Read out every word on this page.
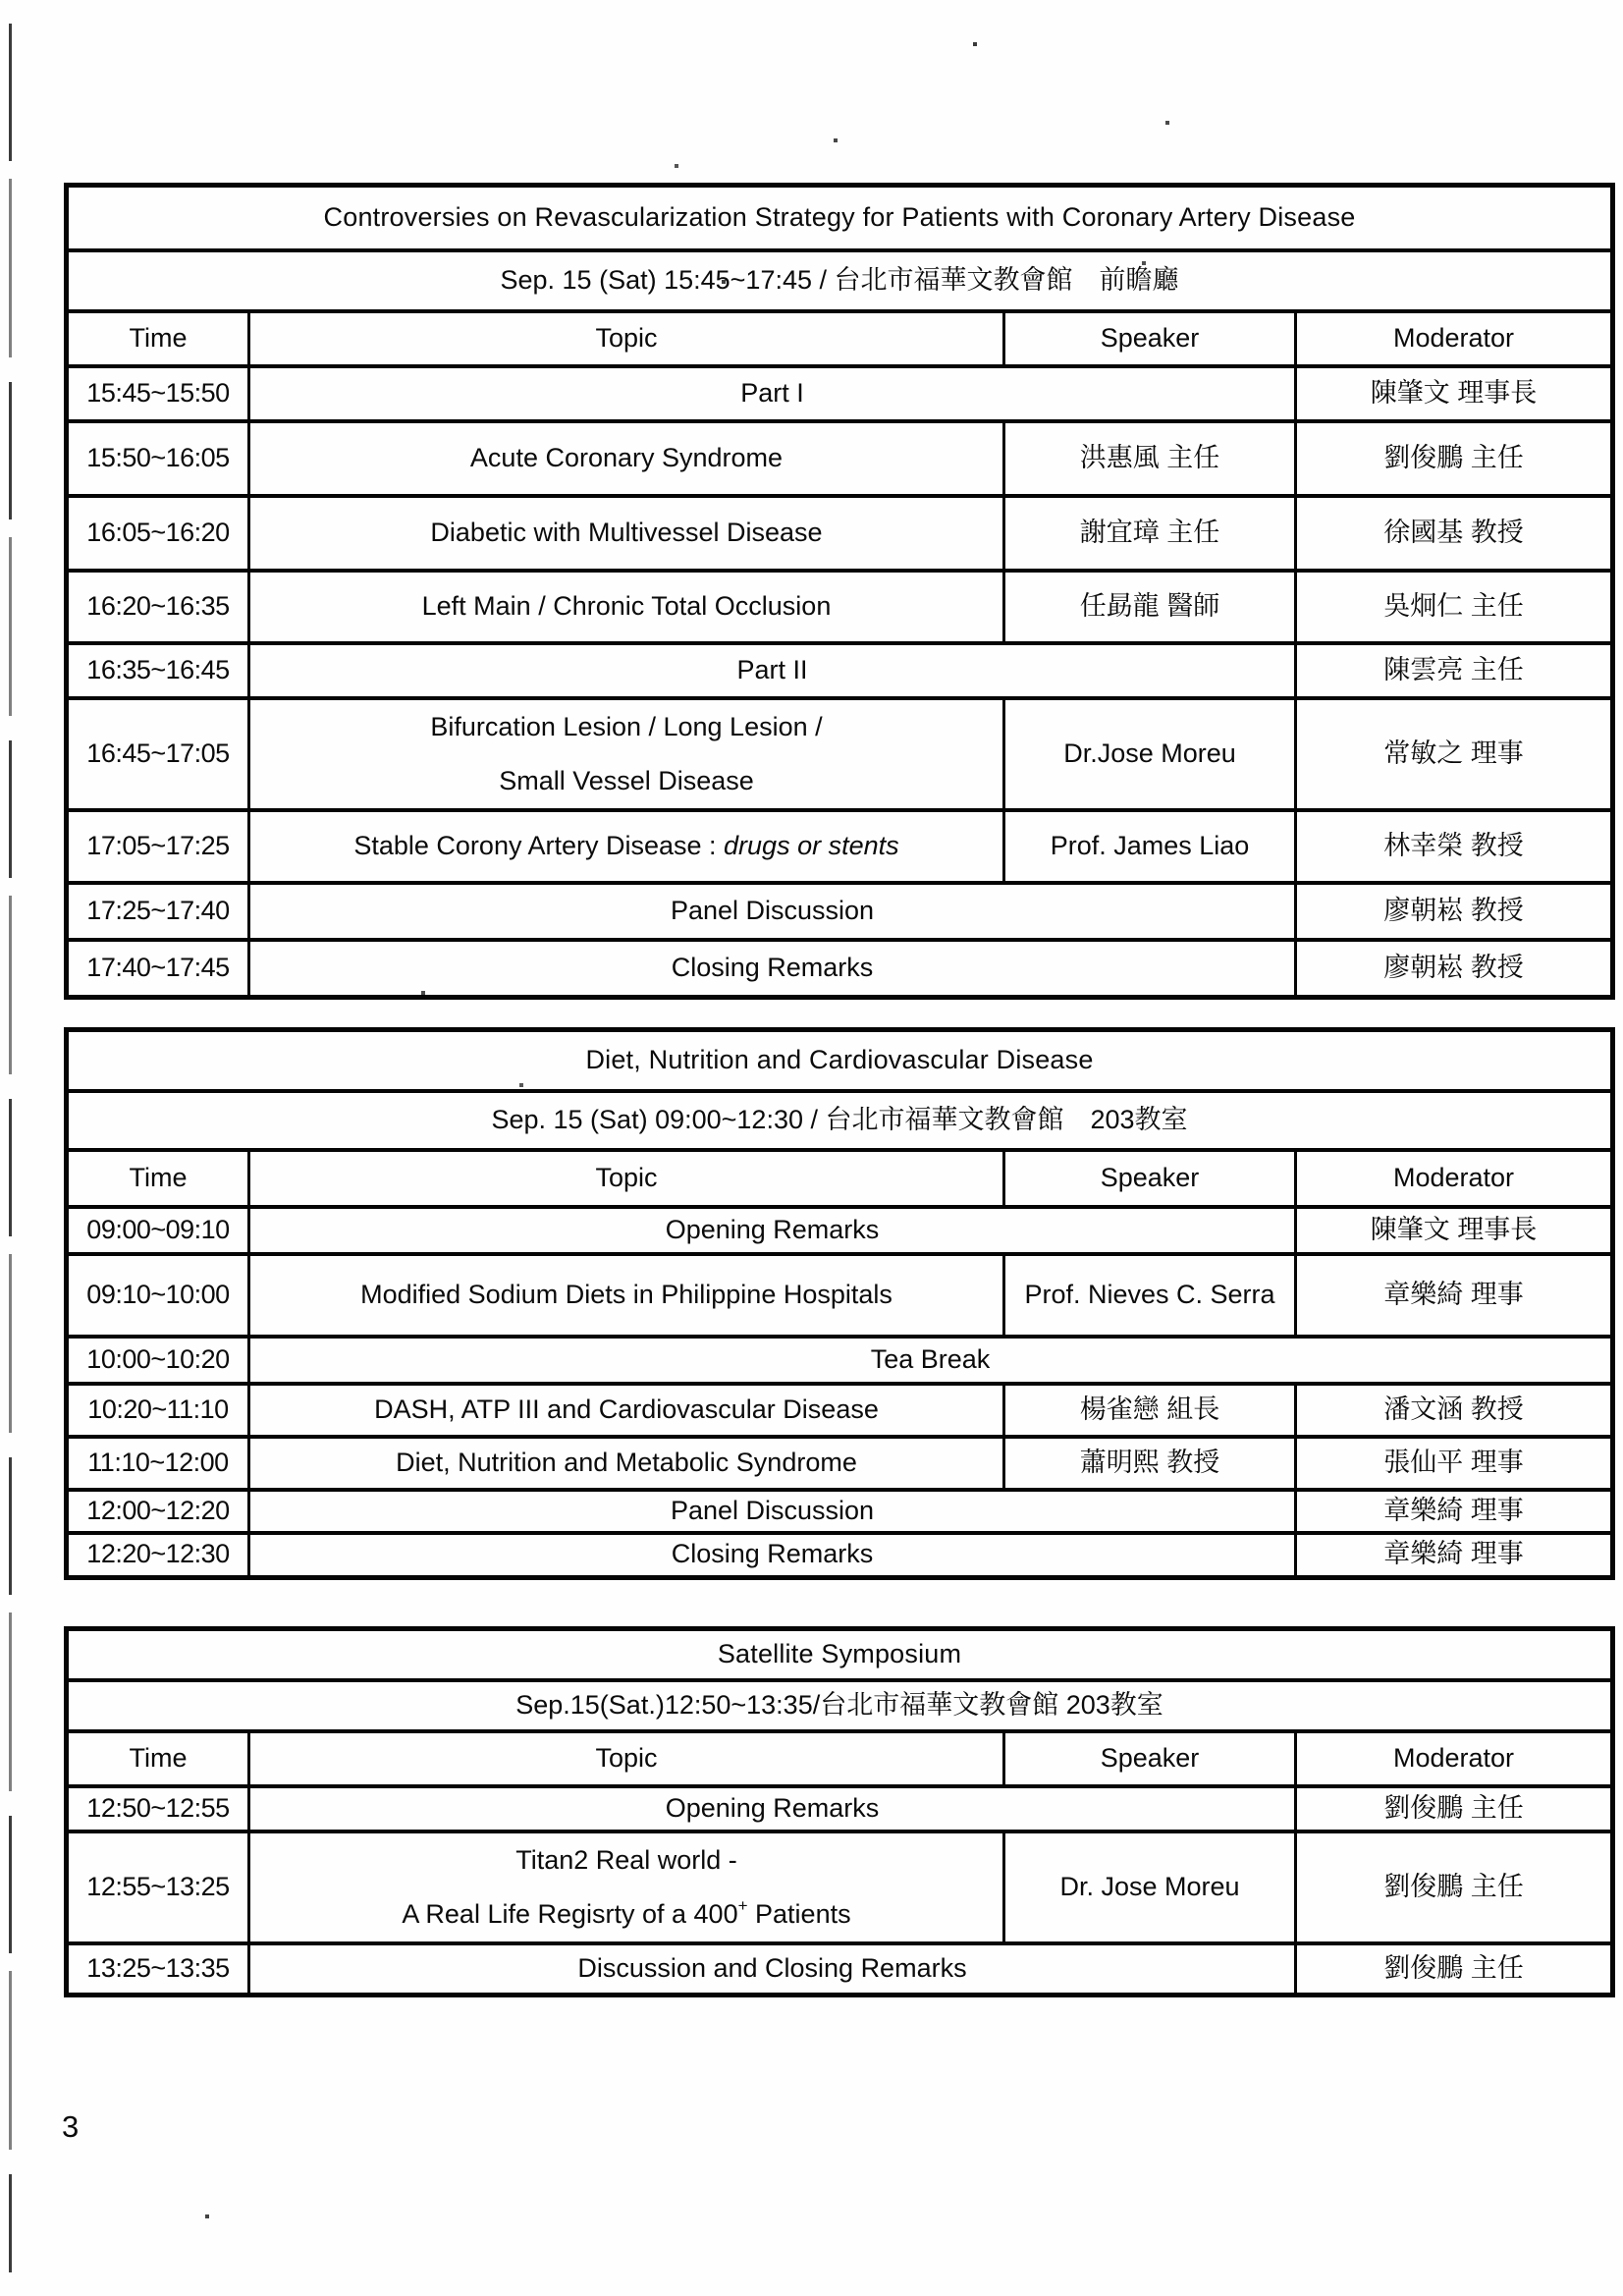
Controversies on Revascularization Strategy for Patients with Coronary Artery Disease			
Sep. 15 (Sat) 15:45~17:45 / 台北市福華文教會館　前瞻廳			
Time	Topic	Speaker	Moderator
15:45~15:50	Part I		陳肇文 理事長
15:50~16:05	Acute Coronary Syndrome	洪惠風 主任	劉俊鵬 主任
16:05~16:20	Diabetic with Multivessel Disease	謝宜璋 主任	徐國基 教授
16:20~16:35	Left Main / Chronic Total Occlusion	任勗龍 醫師	吳炯仁 主任
16:35~16:45	Part II		陳雲亮 主任
16:45~17:05	Bifurcation Lesion / Long Lesion /
Small Vessel Disease	Dr.Jose Moreu	常敏之 理事
17:05~17:25	Stable Corony Artery Disease : drugs or stents	Prof. James Liao	林幸榮 教授
17:25~17:40	Panel Discussion		廖朝崧 教授
17:40~17:45	Closing Remarks		廖朝崧 教授
Diet, Nutrition and Cardiovascular Disease			
Sep. 15 (Sat) 09:00~12:30 / 台北市福華文教會館　203教室			
Time	Topic	Speaker	Moderator
09:00~09:10	Opening Remarks		陳肇文 理事長
09:10~10:00	Modified Sodium Diets in Philippine Hospitals	Prof. Nieves C. Serra	章樂綺 理事
10:00~10:20	Tea Break		
10:20~11:10	DASH, ATP III and Cardiovascular Disease	楊雀戀 組長	潘文涵 教授
11:10~12:00	Diet, Nutrition and Metabolic Syndrome	蕭明熙 教授	張仙平 理事
12:00~12:20	Panel Discussion		章樂綺 理事
12:20~12:30	Closing Remarks		章樂綺 理事
Satellite Symposium			
Sep.15(Sat.)12:50~13:35/台北市福華文教會館 203教室			
Time	Topic	Speaker	Moderator
12:50~12:55	Opening Remarks		劉俊鵬 主任
12:55~13:25	Titan2 Real world -
A Real Life Regisrty of a 400+ Patients	Dr. Jose Moreu	劉俊鵬 主任
13:25~13:35	Discussion and Closing Remarks		劉俊鵬 主任
3
